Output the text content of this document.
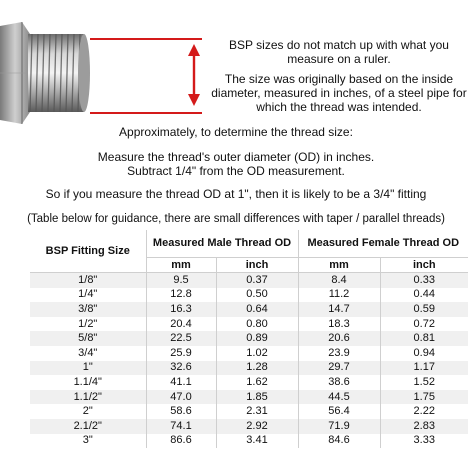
BSP sizes do not match up with what you measure on a ruler.

The size was originally based on the inside diameter, measured in inches, of a steel pipe for which the thread was intended.

Approximately, to determine the thread size:

Measure the thread's outer diameter (OD) in inches.

Subtract 1/4" from the OD measurement.

So if you measure the thread OD at 1", then it is likely to be a 3/4" fitting

(Table below for guidance, there are small differences with taper / parallel threads)

BSP Fitting Size	Measured Male Thread OD		Measured Female Thread OD	
	mm	inch	mm	inch
1/8"	9.5	0.37	8.4	0.33
1/4"	12.8	0.50	11.2	0.44
3/8"	16.3	0.64	14.7	0.59
1/2"	20.4	0.80	18.3	0.72
5/8"	22.5	0.89	20.6	0.81
3/4"	25.9	1.02	23.9	0.94
1"	32.6	1.28	29.7	1.17
1.1/4"	41.1	1.62	38.6	1.52
1.1/2"	47.0	1.85	44.5	1.75
2"	58.6	2.31	56.4	2.22
2.1/2"	74.1	2.92	71.9	2.83
3"	86.6	3.41	84.6	3.33
